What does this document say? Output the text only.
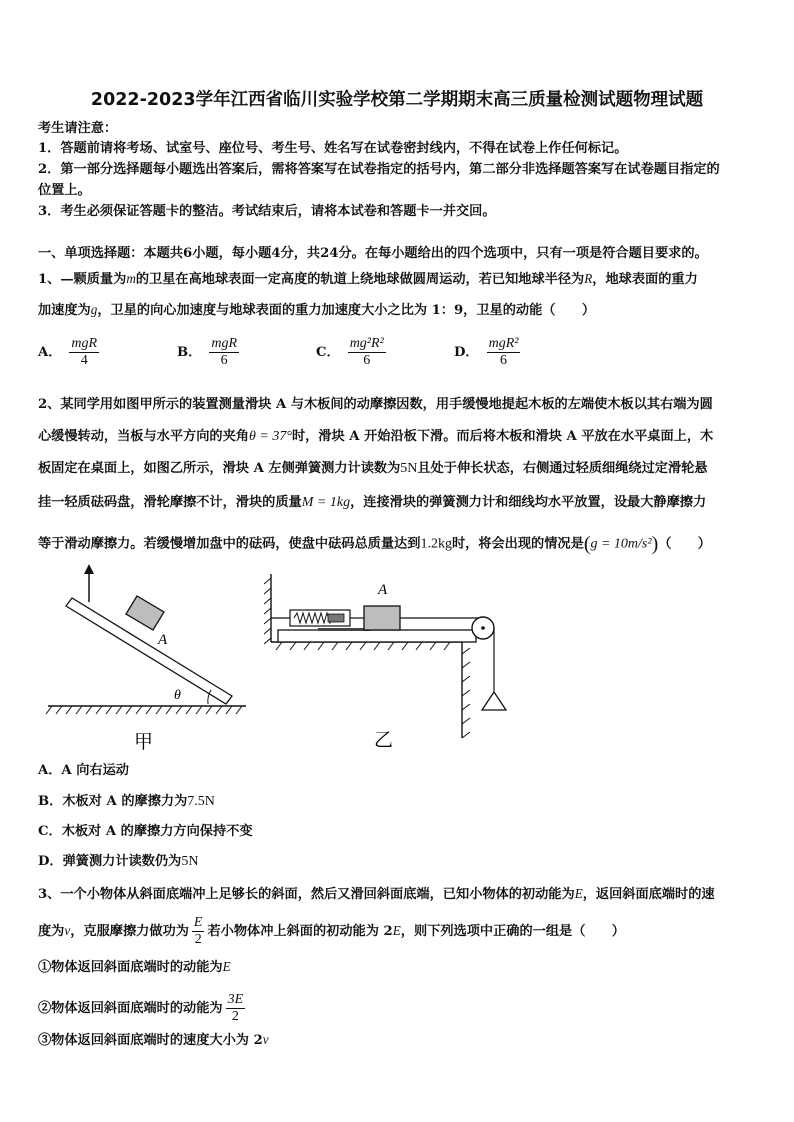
2022-2023学年江西省临川实验学校第二学期期末高三质量检测试题物理试题
考生请注意：
1．答题前请将考场、试室号、座位号、考生号、姓名写在试卷密封线内，不得在试卷上作任何标记。
2．第一部分选择题每小题选出答案后，需将答案写在试卷指定的括号内，第二部分非选择题答案写在试卷题目指定的
位置上。
3．考生必须保证答题卡的整洁。考试结束后，请将本试卷和答题卡一并交回。
一、单项选择题：本题共6小题，每小题4分，共24分。在每小题给出的四个选项中，只有一项是符合题目要求的。
1、—颗质量为m的卫星在高地球表面一定高度的轨道上绕地球做圆周运动，若已知地球半径为R，地球表面的重力
加速度为g，卫星的向心加速度与地球表面的重力加速度大小之比为 1：9，卫星的动能（　　）
A． $\frac{\text{mgR}}{4}$	B． $\frac{\text{mgR}}{6}$	C． $\frac{\text{mg²R²}}{6}$	D． $\frac{\text{mgR²}}{6}$
2、某同学用如图甲所示的装置测量滑块 A 与木板间的动摩擦因数，用手缓慢地提起木板的左端使木板以其右端为圆
心缓慢转动，当板与水平方向的夹角θ = 37°时，滑块 A 开始沿板下滑。而后将木板和滑块 A 平放在水平桌面上，木
板固定在桌面上，如图乙所示，滑块 A 左侧弹簧测力计读数为5N且处于伸长状态，右侧通过轻质细绳绕过定滑轮悬
挂一轻质砝码盘，滑轮摩擦不计，滑块的质量M = 1kg，连接滑块的弹簧测力计和细线均水平放置，设最大静摩擦力
等于滑动摩擦力。若缓慢增加盘中的砝码，使盘中砝码总质量达到1.2kg时，将会出现的情况是(g = 10m/s²)（　　）
A
θ
甲
A
乙
A．A 向右运动
B．木板对 A 的摩擦力为7.5N
C．木板对 A 的摩擦力方向保持不变
D．弹簧测力计读数仍为5N
3、一个小物体从斜面底端冲上足够长的斜面，然后又滑回斜面底端，已知小物体的初动能为E，返回斜面底端时的速
度为v，克服摩擦力做功为 $\frac{E}{2}$ 若小物体冲上斜面的初动能为 2E，则下列选项中正确的一组是（　　）
①物体返回斜面底端时的动能为E
②物体返回斜面底端时的动能为 $\frac{3E}{2}$
③物体返回斜面底端时的速度大小为 2v
